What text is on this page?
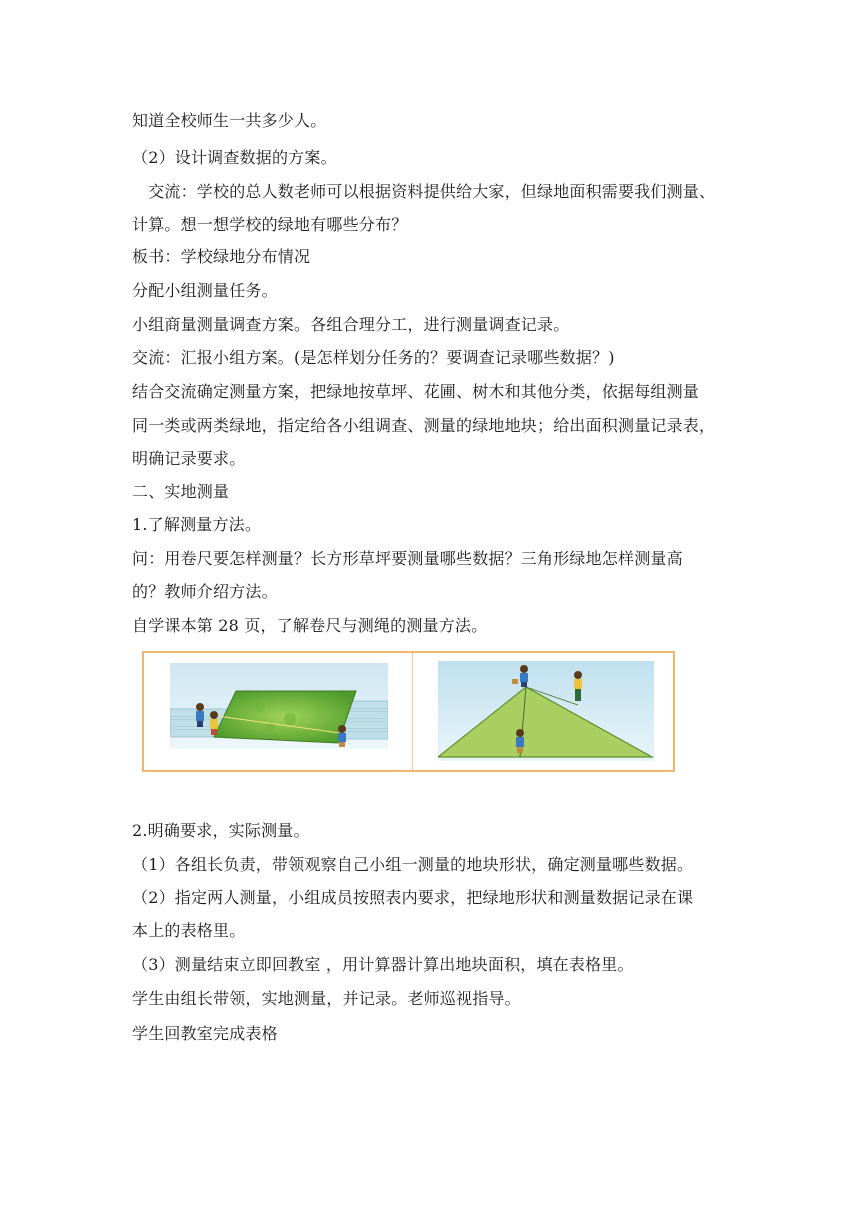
知道全校师生一共多少人。
（2）设计调查数据的方案。
　交流：学校的总人数老师可以根据资料提供给大家，但绿地面积需要我们测量、
计算。想一想学校的绿地有哪些分布？
板书：学校绿地分布情况
分配小组测量任务。
小组商量测量调查方案。各组合理分工，进行测量调查记录。
交流：汇报小组方案。(是怎样划分任务的？要调查记录哪些数据？)
结合交流确定测量方案，把绿地按草坪、花圃、树木和其他分类，依据每组测量
同一类或两类绿地，指定给各小组调查、测量的绿地地块；给出面积测量记录表，
明确记录要求。
二、实地测量
1.了解测量方法。
问：用卷尺要怎样测量？长方形草坪要测量哪些数据？三角形绿地怎样测量高
的？教师介绍方法。
自学课本第 28 页，了解卷尺与测绳的测量方法。
2.明确要求，实际测量。
（1）各组长负责，带领观察自己小组一测量的地块形状，确定测量哪些数据。
（2）指定两人测量，小组成员按照表内要求，把绿地形状和测量数据记录在课
本上的表格里。
（3）测量结束立即回教室 ，用计算器计算出地块面积，填在表格里。
学生由组长带领，实地测量，并记录。老师巡视指导。
学生回教室完成表格
